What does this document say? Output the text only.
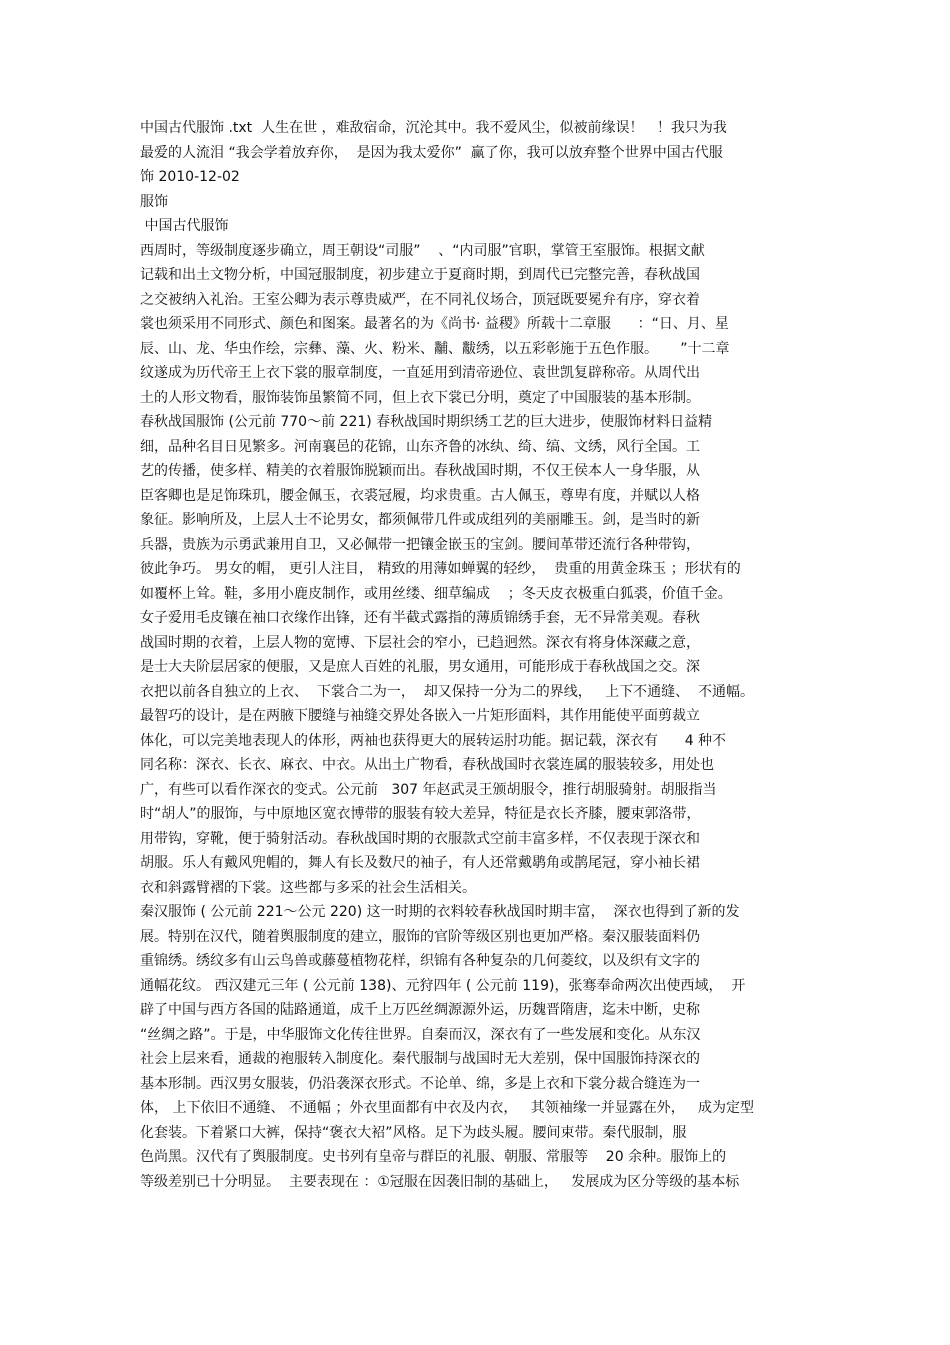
中国古代服饰 .txt  人生在世 ，难敌宿命，沉沦其中。我不爱风尘，似被前缘误！   ！我只为我
最爱的人流泪 “我会学着放弃你，  是因为我太爱你”  赢了你，我可以放弃整个世界中国古代服
饰 2010-12-02
服饰
中国古代服饰
西周时，等级制度逐步确立，周王朝设“司服”    、“内司服”官职，掌管王室服饰。根据文献
记载和出土文物分析，中国冠服制度，初步建立于夏商时期，到周代已完整完善，春秋战国
之交被纳入礼治。王室公卿为表示尊贵威严，在不同礼仪场合，顶冠既要冕弁有序，穿衣着
裳也须采用不同形式、颜色和图案。最著名的为《尚书· 益稷》所载十二章服      ：“日、月、星
辰、山、龙、华虫作绘，宗彝、藻、火、粉米、黼、黻绣，以五彩彰施于五色作服。     ”十二章
纹遂成为历代帝王上衣下裳的服章制度，一直延用到清帝逊位、袁世凯复辟称帝。从周代出
土的人形文物看，服饰装饰虽繁简不同，但上衣下裳已分明，奠定了中国服装的基本形制。
春秋战国服饰 (公元前 770～前 221) 春秋战国时期织绣工艺的巨大进步，使服饰材料日益精
细，品种名目日见繁多。河南襄邑的花锦，山东齐鲁的冰纨、绮、缟、文绣，风行全国。工
艺的传播，使多样、精美的衣着服饰脱颖而出。春秋战国时期，不仅王侯本人一身华服，从
臣客卿也是足饰珠玑，腰金佩玉，衣裘冠履，均求贵重。古人佩玉，尊卑有度，并赋以人格
象征。影响所及，上层人士不论男女，都须佩带几件或成组列的美丽雕玉。剑，是当时的新
兵器，贵族为示勇武兼用自卫，又必佩带一把镶金嵌玉的宝剑。腰间革带还流行各种带钩，
彼此争巧。 男女的帽， 更引人注目， 精致的用薄如蝉翼的轻纱，  贵重的用黄金珠玉 ；形状有的
如覆杯上耸。鞋，多用小鹿皮制作，或用丝缕、细草编成    ；冬天皮衣极重白狐裘，价值千金。
女子爱用毛皮镶在袖口衣缘作出锋，还有半截式露指的薄质锦绣手套，无不异常美观。春秋
战国时期的衣着，上层人物的宽博、下层社会的窄小，已趋迥然。深衣有将身体深藏之意，
是士大夫阶层居家的便服，又是庶人百姓的礼服，男女通用，可能形成于春秋战国之交。深
衣把以前各自独立的上衣、  下裳合二为一，  却又保持一分为二的界线，   上下不通缝、  不通幅。
最智巧的设计，是在两腋下腰缝与袖缝交界处各嵌入一片矩形面料，其作用能使平面剪裁立
体化，可以完美地表现人的体形，两袖也获得更大的展转运肘功能。据记载，深衣有      4 种不
同名称：深衣、长衣、麻衣、中衣。从出土广物看，春秋战国时衣裳连属的服装较多，用处也
广，有些可以看作深衣的变式。公元前   307 年赵武灵王颁胡服令，推行胡服骑射。胡服指当
时“胡人”的服饰，与中原地区宽衣博带的服装有较大差异，特征是衣长齐膝，腰束郭洛带，
用带钩，穿靴，便于骑射活动。春秋战国时期的衣服款式空前丰富多样，不仅表现于深衣和
胡服。乐人有戴风兜帽的，舞人有长及数尺的袖子，有人还常戴鹖角或鹊尾冠，穿小袖长裙
衣和斜露臂褶的下裳。这些都与多采的社会生活相关。
秦汉服饰 ( 公元前 221～公元 220) 这一时期的衣料较春秋战国时期丰富，  深衣也得到了新的发
展。特别在汉代，随着舆服制度的建立，服饰的官阶等级区别也更加严格。秦汉服装面料仍
重锦绣。绣纹多有山云鸟兽或藤蔓植物花样，织锦有各种复杂的几何菱纹，以及织有文字的
通幅花纹。 西汉建元三年 ( 公元前 138)、元狩四年 ( 公元前 119)，张骞奉命两次出使西域，  开
辟了中国与西方各国的陆路通道，成千上万匹丝绸源源外运，历魏晋隋唐，迄未中断，史称
“丝绸之路”。于是，中华服饰文化传往世界。自秦而汉，深衣有了一些发展和变化。从东汉
社会上层来看，通裁的袍服转入制度化。秦代服制与战国时无大差别，保中国服饰持深衣的
基本形制。西汉男女服装，仍沿袭深衣形式。不论单、绵，多是上衣和下裳分裁合缝连为一
体， 上下依旧不通缝、 不通幅 ；外衣里面都有中衣及内衣，   其领袖缘一并显露在外，   成为定型
化套装。下着紧口大裤，保持“褒衣大袑”风格。足下为歧头履。腰间束带。秦代服制，服
色尚黑。汉代有了舆服制度。史书列有皇帝与群臣的礼服、朝服、常服等    20 余种。服饰上的
等级差别已十分明显。  主要表现在 ：①冠服在因袭旧制的基础上，   发展成为区分等级的基本标
